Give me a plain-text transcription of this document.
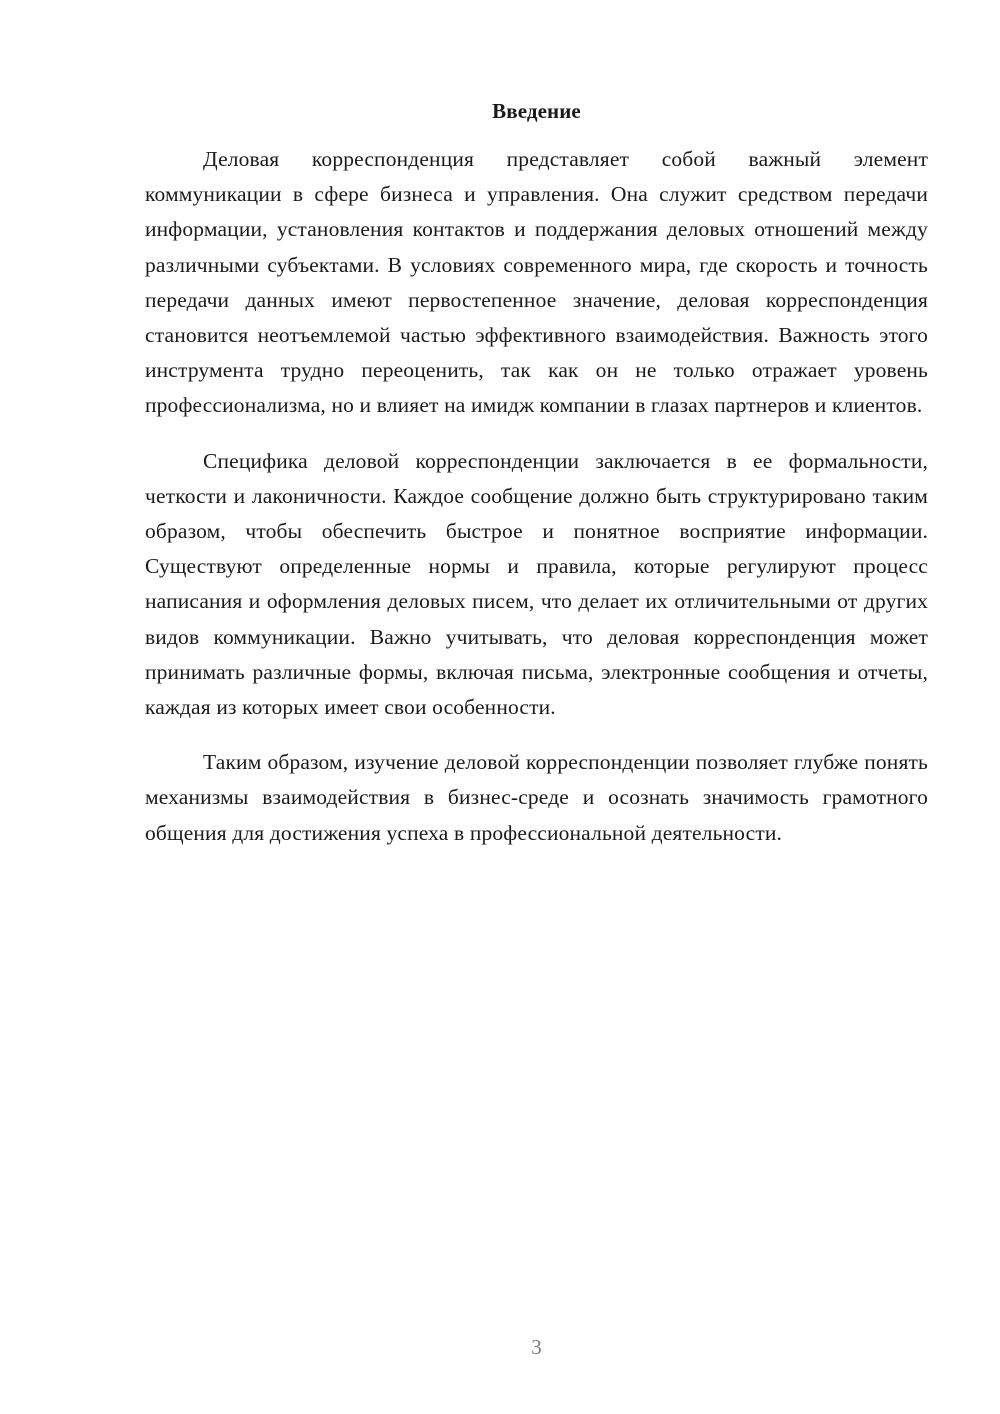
Введение

Деловая корреспонденция представляет собой важный элемент коммуникации в сфере бизнеса и управления. Она служит средством передачи информации, установления контактов и поддержания деловых отношений между различными субъектами. В условиях современного мира, где скорость и точность передачи данных имеют первостепенное значение, деловая корреспонденция становится неотъемлемой частью эффективного взаимодействия. Важность этого инструмента трудно переоценить, так как он не только отражает уровень профессионализма, но и влияет на имидж компании в глазах партнеров и клиентов.

Специфика деловой корреспонденции заключается в ее формальности, четкости и лаконичности. Каждое сообщение должно быть структурировано таким образом, чтобы обеспечить быстрое и понятное восприятие информации. Существуют определенные нормы и правила, которые регулируют процесс написания и оформления деловых писем, что делает их отличительными от других видов коммуникации. Важно учитывать, что деловая корреспонденция может принимать различные формы, включая письма, электронные сообщения и отчеты, каждая из которых имеет свои особенности.

Таким образом, изучение деловой корреспонденции позволяет глубже понять механизмы взаимодействия в бизнес-среде и осознать значимость грамотного общения для достижения успеха в профессиональной деятельности.

3
